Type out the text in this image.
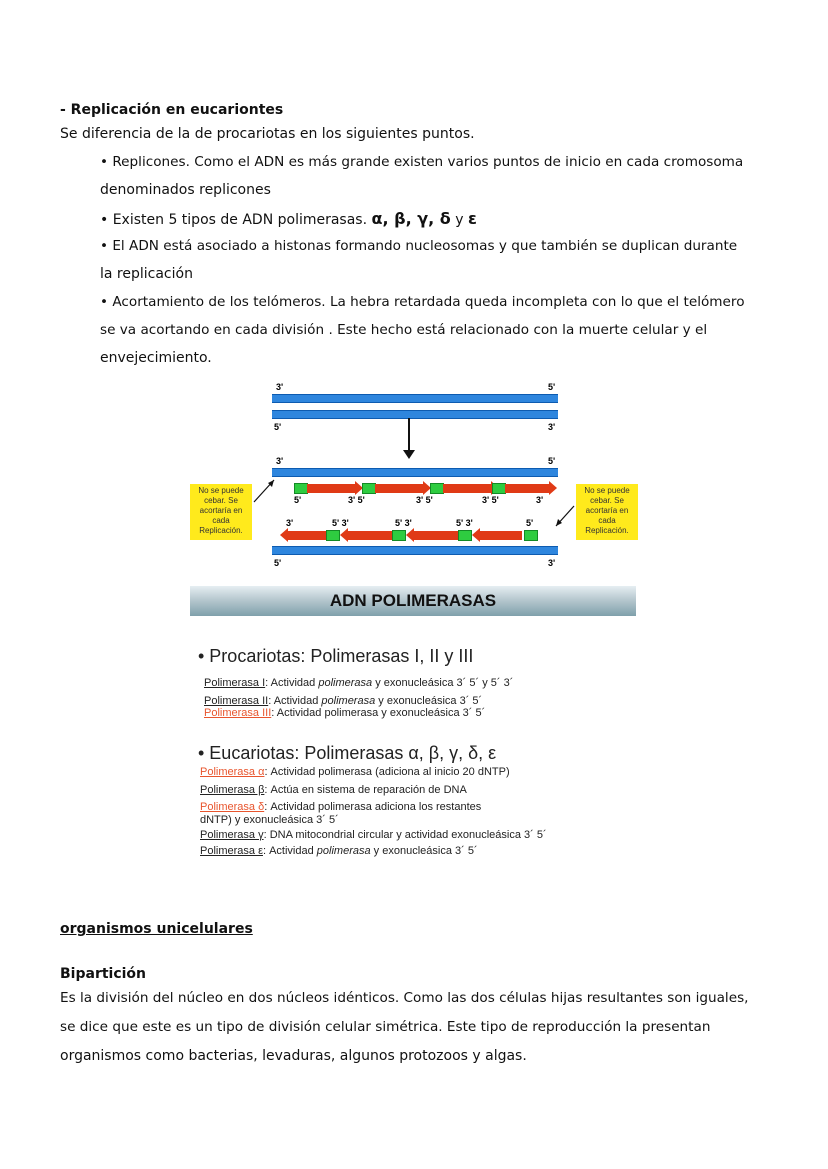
- Replicación en eucariontes
Se diferencia de la de procariotas en los siguientes puntos.
• Replicones. Como el ADN es más grande existen varios puntos de inicio en cada cromosoma
denominados replicones
• Existen 5 tipos de ADN polimerasas. α, β, γ, δ y ε
• El ADN está asociado a histonas formando nucleosomas y que también se duplican durante
la replicación
• Acortamiento de los telómeros. La hebra retardada queda incompleta con lo que el telómero
se va acortando en cada división . Este hecho está relacionado con la muerte celular y el
envejecimiento.
3'	5'
5'	3'
3'	5'
5'	3' 5'	3' 5'	3' 5'	3'
3'	5' 3'	5' 3'	5' 3'	5'
5'	3'
No se puede cebar. Se acortaría en cada Replicación.
No se puede cebar. Se acortaría en cada Replicación.
ADN POLIMERASAS
• Procariotas: Polimerasas I, II y III
Polimerasa I: Actividad polimerasa y exonucleásica 3´ 5´ y 5´ 3´
Polimerasa II: Actividad polimerasa y exonucleásica 3´ 5´
Polimerasa III: Actividad polimerasa y exonucleásica 3´ 5´
• Eucariotas: Polimerasas α, β, γ, δ, ε
Polimerasa α: Actividad polimerasa (adiciona al inicio 20 dNTP)
Polimerasa β: Actúa en sistema de reparación de DNA
Polimerasa δ: Actividad polimerasa adiciona los restantes
dNTP) y exonucleásica 3´ 5´
Polimerasa γ: DNA mitocondrial circular y actividad exonucleásica 3´ 5´
Polimerasa ε: Actividad polimerasa y exonucleásica 3´ 5´
organismos unicelulares
Bipartición
Es la división del núcleo en dos núcleos idénticos. Como las dos células hijas resultantes son iguales,
se dice que este es un tipo de división celular simétrica. Este tipo de reproducción la presentan
organismos como bacterias, levaduras, algunos protozoos y algas.
